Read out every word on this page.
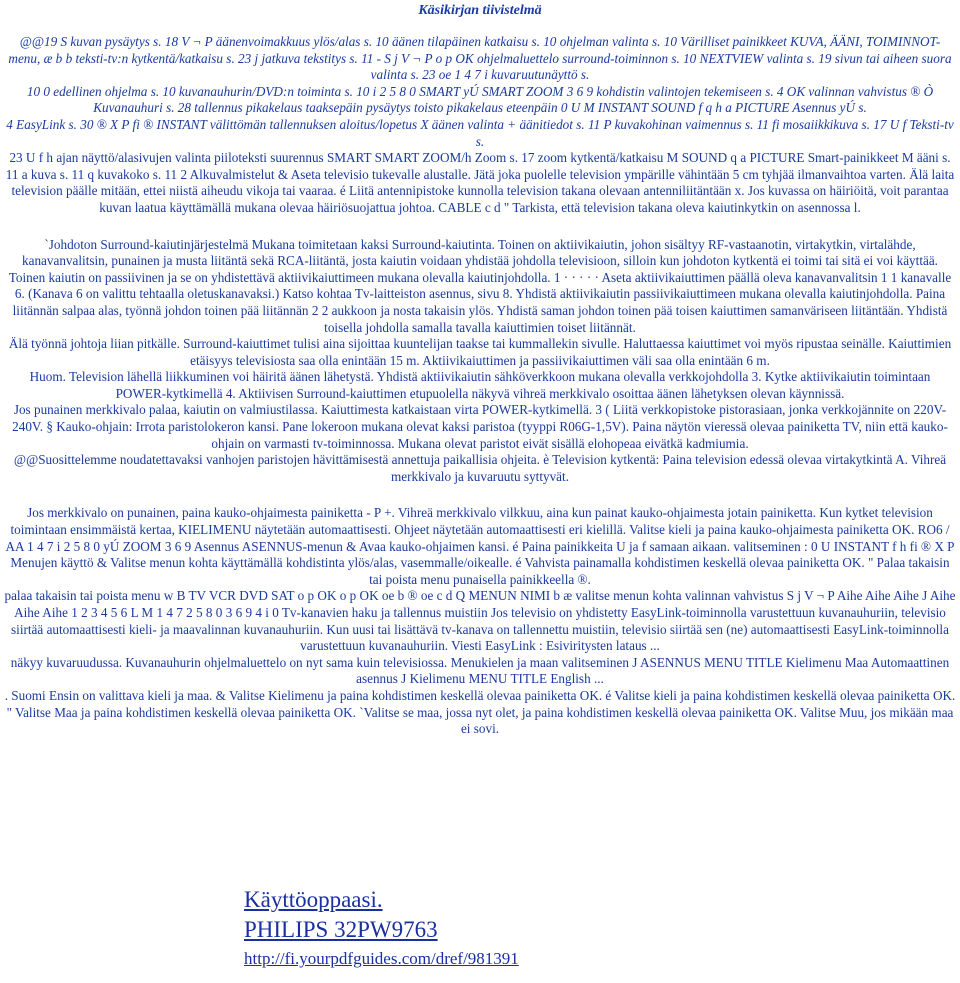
Käsikirjan tiivistelmä

@@19 S kuvan pysäytys s. 18 V ¬ P äänenvoimakkuus ylös/alas s. 10 äänen tilapäinen katkaisu s. 10 ohjelman valinta s. 10 Värilliset painikkeet KUVA, ÄÄNI, TOIMINNOT-menu, æ b b teksti-tv:n kytkentä/katkaisu s. 23 j jatkuva tekstitys s. 11 - S j V ¬ P o p OK ohjelmaluettelo surround-toiminnon s. 10 NEXTVIEW valinta s. 19 sivun tai aiheen suora valinta s. 23 oe 1 4 7 i kuvaruutunäyttö s.

10 0 edellinen ohjelma s. 10 kuvanauhurin/DVD:n toiminta s. 10 i 2 5 8 0 SMART yÚ SMART ZOOM 3 6 9 kohdistin valintojen tekemiseen s. 4 OK valinnan vahvistus ® Ò Kuvanauhuri s. 28 tallennus pikakelaus taaksepäin pysäytys toisto pikakelaus eteenpäin 0 U M INSTANT SOUND f q h a PICTURE Asennus yÚ s.

4 EasyLink s. 30 ® X P fi ® INSTANT välittömän tallennuksen aloitus/lopetus X äänen valinta + äänitiedot s. 11 P kuvakohinan vaimennus s. 11 fi mosaiikkikuva s. 17 U f Teksti-tv s.

23 U f h ajan näyttö/alasivujen valinta piiloteksti suurennus SMART SMART ZOOM/h Zoom s. 17 zoom kytkentä/katkaisu M SOUND q a PICTURE Smart-painikkeet M ääni s. 11 a kuva s. 11 q kuvakoko s. 11 2 Alkuvalmistelut & Aseta televisio tukevalle alustalle. Jätä joka puolelle television ympärille vähintään 5 cm tyhjää ilmanvaihtoa varten. Älä laita television päälle mitään, ettei niistä aiheudu vikoja tai vaaraa. é Liitä antennipistoke kunnolla television takana olevaan antenniliitäntään x. Jos kuvassa on häiriöitä, voit parantaa kuvan laatua käyttämällä mukana olevaa häiriösuojattua johtoa. CABLE c d " Tarkista, että television takana oleva kaiutinkytkin on asennossa l.

`Johdoton Surround-kaiutinjärjestelmä Mukana toimitetaan kaksi Surround-kaiutinta. Toinen on aktiivikaiutin, johon sisältyy RF-vastaanotin, virtakytkin, virtalähde, kanavanvalitsin, punainen ja musta liitäntä sekä RCA-liitäntä, josta kaiutin voidaan yhdistää johdolla televisioon, silloin kun johdoton kytkentä ei toimi tai sitä ei voi käyttää. Toinen kaiutin on passiivinen ja se on yhdistettävä aktiivikaiuttimeen mukana olevalla kaiutinjohdolla. 1 · · · · · Aseta aktiivikaiuttimen päällä oleva kanavanvalitsin 1 1 kanavalle 6. (Kanava 6 on valittu tehtaalla oletuskanavaksi.) Katso kohtaa Tv-laitteiston asennus, sivu 8. Yhdistä aktiivikaiutin passiivikaiuttimeen mukana olevalla kaiutinjohdolla. Paina liitännän salpaa alas, työnnä johdon toinen pää liitännän 2 2 aukkoon ja nosta takaisin ylös. Yhdistä saman johdon toinen pää toisen kaiuttimen samanväriseen liitäntään. Yhdistä toisella johdolla samalla tavalla kaiuttimien toiset liitännät.

Älä työnnä johtoja liian pitkälle. Surround-kaiuttimet tulisi aina sijoittaa kuuntelijan taakse tai kummallekin sivulle. Haluttaessa kaiuttimet voi myös ripustaa seinälle. Kaiuttimien etäisyys televisiosta saa olla enintään 15 m. Aktiivikaiuttimen ja passiivikaiuttimen väli saa olla enintään 6 m.

Huom. Television lähellä liikkuminen voi häiritä äänen lähetystä. Yhdistä aktiivikaiutin sähköverkkoon mukana olevalla verkkojohdolla 3. Kytke aktiivikaiutin toimintaan POWER-kytkimellä 4. Aktiivisen Surround-kaiuttimen etupuolella näkyvä vihreä merkkivalo osoittaa äänen lähetyksen olevan käynnissä.

Jos punainen merkkivalo palaa, kaiutin on valmiustilassa. Kaiuttimesta katkaistaan virta POWER-kytkimellä. 3 ( Liitä verkkopistoke pistorasiaan, jonka verkkojännite on 220V-240V. § Kauko-ohjain: Irrota paristolokeron kansi. Pane lokeroon mukana olevat kaksi paristoa (tyyppi R06G-1,5V). Paina näytön vieressä olevaa painiketta TV, niin että kauko-ohjain on varmasti tv-toiminnossa. Mukana olevat paristot eivät sisällä elohopeaa eivätkä kadmiumia.

@@Suosittelemme noudatettavaksi vanhojen paristojen hävittämisestä annettuja paikallisia ohjeita. è Television kytkentä: Paina television edessä olevaa virtakytkintä A. Vihreä merkkivalo ja kuvaruutu syttyvät.

Jos merkkivalo on punainen, paina kauko-ohjaimesta painiketta - P +. Vihreä merkkivalo vilkkuu, aina kun painat kauko-ohjaimesta jotain painiketta. Kun kytket television toimintaan ensimmäistä kertaa, KIELIMENU näytetään automaattisesti. Ohjeet näytetään automaattisesti eri kielillä. Valitse kieli ja paina kauko-ohjaimesta painiketta OK. RO6 / AA 1 4 7 i 2 5 8 0 yÚ ZOOM 3 6 9 Asennus ASENNUS-menun & Avaa kauko-ohjaimen kansi. é Paina painikkeita U ja f samaan aikaan. valitseminen : 0 U INSTANT f h fi ® X P Menujen käyttö & Valitse menun kohta käyttämällä kohdistinta ylös/alas, vasemmalle/oikealle. é Vahvista painamalla kohdistimen keskellä olevaa painiketta OK. " Palaa takaisin tai poista menu punaisella painikkeella ®.

palaa takaisin tai poista menu w B TV VCR DVD SAT o p OK o p OK oe b ® oe c d Q MENUN NIMI b æ valitse menun kohta valinnan vahvistus S j V ¬ P Aihe Aihe Aihe J Aihe Aihe Aihe 1 2 3 4 5 6 L M 1 4 7 2 5 8 0 3 6 9 4 i 0 Tv-kanavien haku ja tallennus muistiin Jos televisio on yhdistetty EasyLink-toiminnolla varustettuun kuvanauhuriin, televisio siirtää automaattisesti kieli- ja maavalinnan kuvanauhuriin. Kun uusi tai lisättävä tv-kanava on tallennettu muistiin, televisio siirtää sen (ne) automaattisesti EasyLink-toiminnolla varustettuun kuvanauhuriin. Viesti EasyLink : Esiviritysten lataus ...

näkyy kuvaruudussa. Kuvanauhurin ohjelmaluettelo on nyt sama kuin televisiossa. Menukielen ja maan valitseminen J ASENNUS MENU TITLE Kielimenu Maa Automaattinen asennus J Kielimenu MENU TITLE English ...

. Suomi Ensin on valittava kieli ja maa. & Valitse Kielimenu ja paina kohdistimen keskellä olevaa painiketta OK. é Valitse kieli ja paina kohdistimen keskellä olevaa painiketta OK. " Valitse Maa ja paina kohdistimen keskellä olevaa painiketta OK. `Valitse se maa, jossa nyt olet, ja paina kohdistimen keskellä olevaa painiketta OK. Valitse Muu, jos mikään maa ei sovi.

Käyttöoppaasi.
PHILIPS 32PW9763
http://fi.yourpdfguides.com/dref/981391
